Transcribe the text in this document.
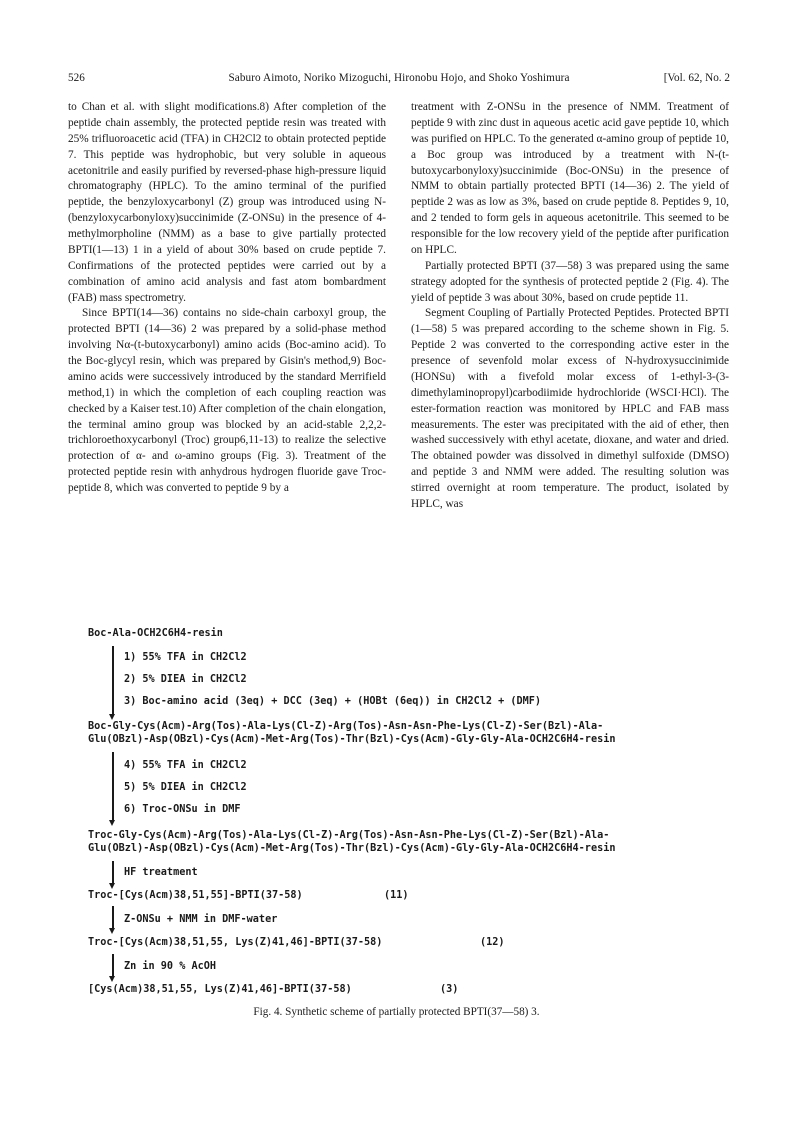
526	Saburo Aimoto, Noriko Mizoguchi, Hironobu Hojo, and Shoko Yoshimura	[Vol. 62, No. 2

to Chan et al. with slight modifications.8) After completion of the peptide chain assembly, the protected peptide resin was treated with 25% trifluoroacetic acid (TFA) in CH2Cl2 to obtain protected peptide 7. This peptide was hydrophobic, but very soluble in aqueous acetonitrile and easily purified by reversed-phase high-pressure liquid chromatography (HPLC). To the amino terminal of the purified peptide, the benzyloxycarbonyl (Z) group was introduced using N-(benzyloxycarbonyloxy)succinimide (Z-ONSu) in the presence of 4-methylmorpholine (NMM) as a base to give partially protected BPTI(1—13) 1 in a yield of about 30% based on crude peptide 7. Confirmations of the protected peptides were carried out by a combination of amino acid analysis and fast atom bombardment (FAB) mass spectrometry.

Since BPTI(14—36) contains no side-chain carboxyl group, the protected BPTI (14—36) 2 was prepared by a solid-phase method involving Nα-(t-butoxycarbonyl) amino acids (Boc-amino acid). To the Boc-glycyl resin, which was prepared by Gisin's method,9) Boc-amino acids were successively introduced by the standard Merrifield method,1) in which the completion of each coupling reaction was checked by a Kaiser test.10) After completion of the chain elongation, the terminal amino group was blocked by an acid-stable 2,2,2-trichloroethoxycarbonyl (Troc) group6,11-13) to realize the selective protection of α- and ω-amino groups (Fig. 3). Treatment of the protected peptide resin with anhydrous hydrogen fluoride gave Troc-peptide 8, which was converted to peptide 9 by a

treatment with Z-ONSu in the presence of NMM. Treatment of peptide 9 with zinc dust in aqueous acetic acid gave peptide 10, which was purified on HPLC. To the generated α-amino group of peptide 10, a Boc group was introduced by a treatment with N-(t-butoxycarbonyloxy)succinimide (Boc-ONSu) in the presence of NMM to obtain partially protected BPTI (14—36) 2. The yield of peptide 2 was as low as 3%, based on crude peptide 8. Peptides 9, 10, and 2 tended to form gels in aqueous acetonitrile. This seemed to be responsible for the low recovery yield of the peptide after purification on HPLC.

Partially protected BPTI (37—58) 3 was prepared using the same strategy adopted for the synthesis of protected peptide 2 (Fig. 4). The yield of peptide 3 was about 30%, based on crude peptide 11.

Segment Coupling of Partially Protected Peptides. Protected BPTI (1—58) 5 was prepared according to the scheme shown in Fig. 5. Peptide 2 was converted to the corresponding active ester in the presence of sevenfold molar excess of N-hydroxysuccinimide (HONSu) with a fivefold molar excess of 1-ethyl-3-(3-dimethylaminopropyl)carbodiimide hydrochloride (WSCI·HCl). The ester-formation reaction was monitored by HPLC and FAB mass measurements. The ester was precipitated with the aid of ether, then washed successively with ethyl acetate, dioxane, and water and dried. The obtained powder was dissolved in dimethyl sulfoxide (DMSO) and peptide 3 and NMM were added. The resulting solution was stirred overnight at room temperature. The product, isolated by HPLC, was

Boc-Ala-OCH2C6H4-resin
1) 55% TFA in CH2Cl2
2) 5% DIEA in CH2Cl2
3) Boc-amino acid (3eq) + DCC (3eq) + (HOBt (6eq)) in CH2Cl2 + (DMF)
Boc-Gly-Cys(Acm)-Arg(Tos)-Ala-Lys(Cl-Z)-Arg(Tos)-Asn-Asn-Phe-Lys(Cl-Z)-Ser(Bzl)-Ala-
Glu(OBzl)-Asp(OBzl)-Cys(Acm)-Met-Arg(Tos)-Thr(Bzl)-Cys(Acm)-Gly-Gly-Ala-OCH2C6H4-resin
4) 55% TFA in CH2Cl2
5) 5% DIEA in CH2Cl2
6) Troc-ONSu in DMF
Troc-Gly-Cys(Acm)-Arg(Tos)-Ala-Lys(Cl-Z)-Arg(Tos)-Asn-Asn-Phe-Lys(Cl-Z)-Ser(Bzl)-Ala-
Glu(OBzl)-Asp(OBzl)-Cys(Acm)-Met-Arg(Tos)-Thr(Bzl)-Cys(Acm)-Gly-Gly-Ala-OCH2C6H4-resin
HF treatment
Troc-[Cys(Acm)38,51,55]-BPTI(37-58)	(11)
Z-ONSu + NMM in DMF-water
Troc-[Cys(Acm)38,51,55, Lys(Z)41,46]-BPTI(37-58)	(12)
Zn in 90 % AcOH
[Cys(Acm)38,51,55, Lys(Z)41,46]-BPTI(37-58)	(3)
Fig. 4. Synthetic scheme of partially protected BPTI(37—58) 3.
